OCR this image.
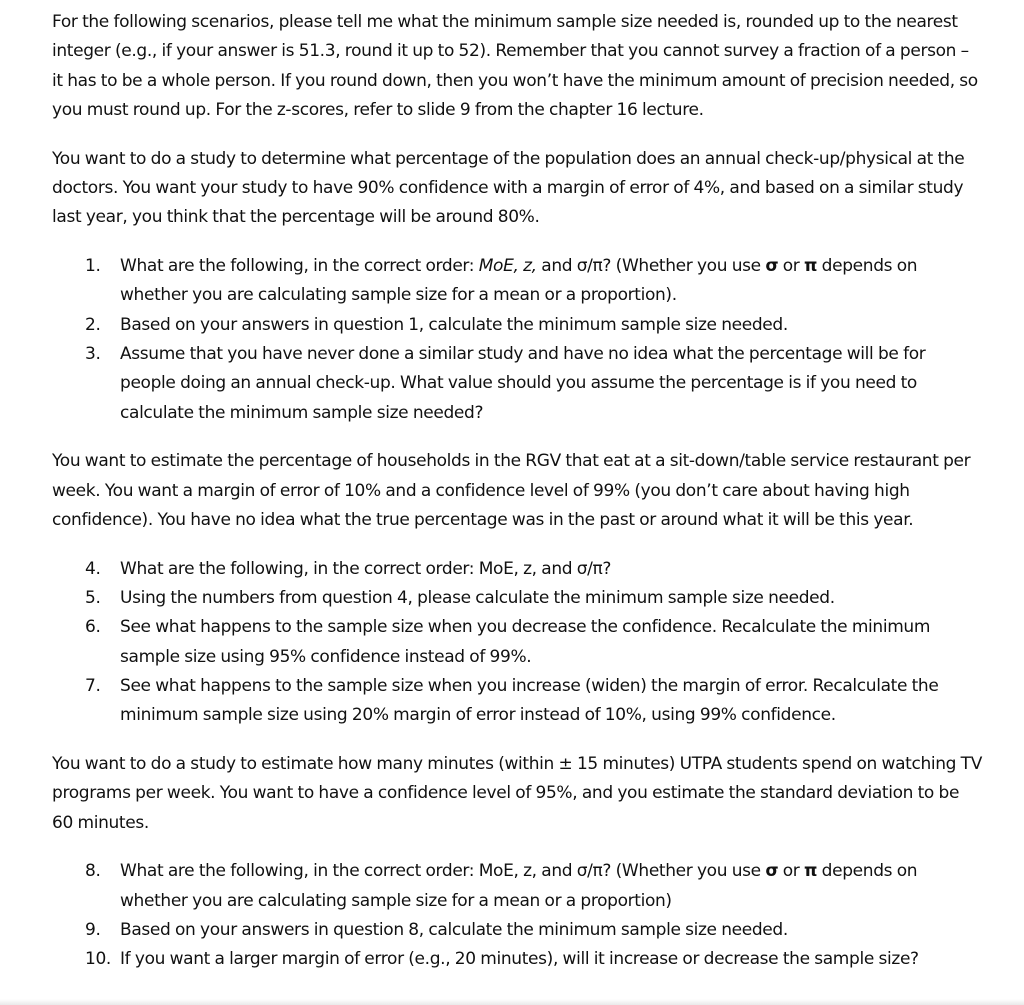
For the following scenarios, please tell me what the minimum sample size needed is, rounded up to the nearest integer (e.g., if your answer is 51.3, round it up to 52). Remember that you cannot survey a fraction of a person – it has to be a whole person. If you round down, then you won’t have the minimum amount of precision needed, so you must round up. For the z-scores, refer to slide 9 from the chapter 16 lecture.

You want to do a study to determine what percentage of the population does an annual check-up/physical at the doctors. You want your study to have 90% confidence with a margin of error of 4%, and based on a similar study last year, you think that the percentage will be around 80%.

1. What are the following, in the correct order: MoE, z, and σ/π? (Whether you use σ or π depends on whether you are calculating sample size for a mean or a proportion).
2. Based on your answers in question 1, calculate the minimum sample size needed.
3. Assume that you have never done a similar study and have no idea what the percentage will be for people doing an annual check-up. What value should you assume the percentage is if you need to calculate the minimum sample size needed?

You want to estimate the percentage of households in the RGV that eat at a sit-down/table service restaurant per week. You want a margin of error of 10% and a confidence level of 99% (you don’t care about having high confidence). You have no idea what the true percentage was in the past or around what it will be this year.

4. What are the following, in the correct order: MoE, z, and σ/π?
5. Using the numbers from question 4, please calculate the minimum sample size needed.
6. See what happens to the sample size when you decrease the confidence. Recalculate the minimum sample size using 95% confidence instead of 99%.
7. See what happens to the sample size when you increase (widen) the margin of error. Recalculate the minimum sample size using 20% margin of error instead of 10%, using 99% confidence.

You want to do a study to estimate how many minutes (within ± 15 minutes) UTPA students spend on watching TV programs per week. You want to have a confidence level of 95%, and you estimate the standard deviation to be 60 minutes.

8. What are the following, in the correct order: MoE, z, and σ/π? (Whether you use σ or π depends on whether you are calculating sample size for a mean or a proportion)
9. Based on your answers in question 8, calculate the minimum sample size needed.
10. If you want a larger margin of error (e.g., 20 minutes), will it increase or decrease the sample size?
